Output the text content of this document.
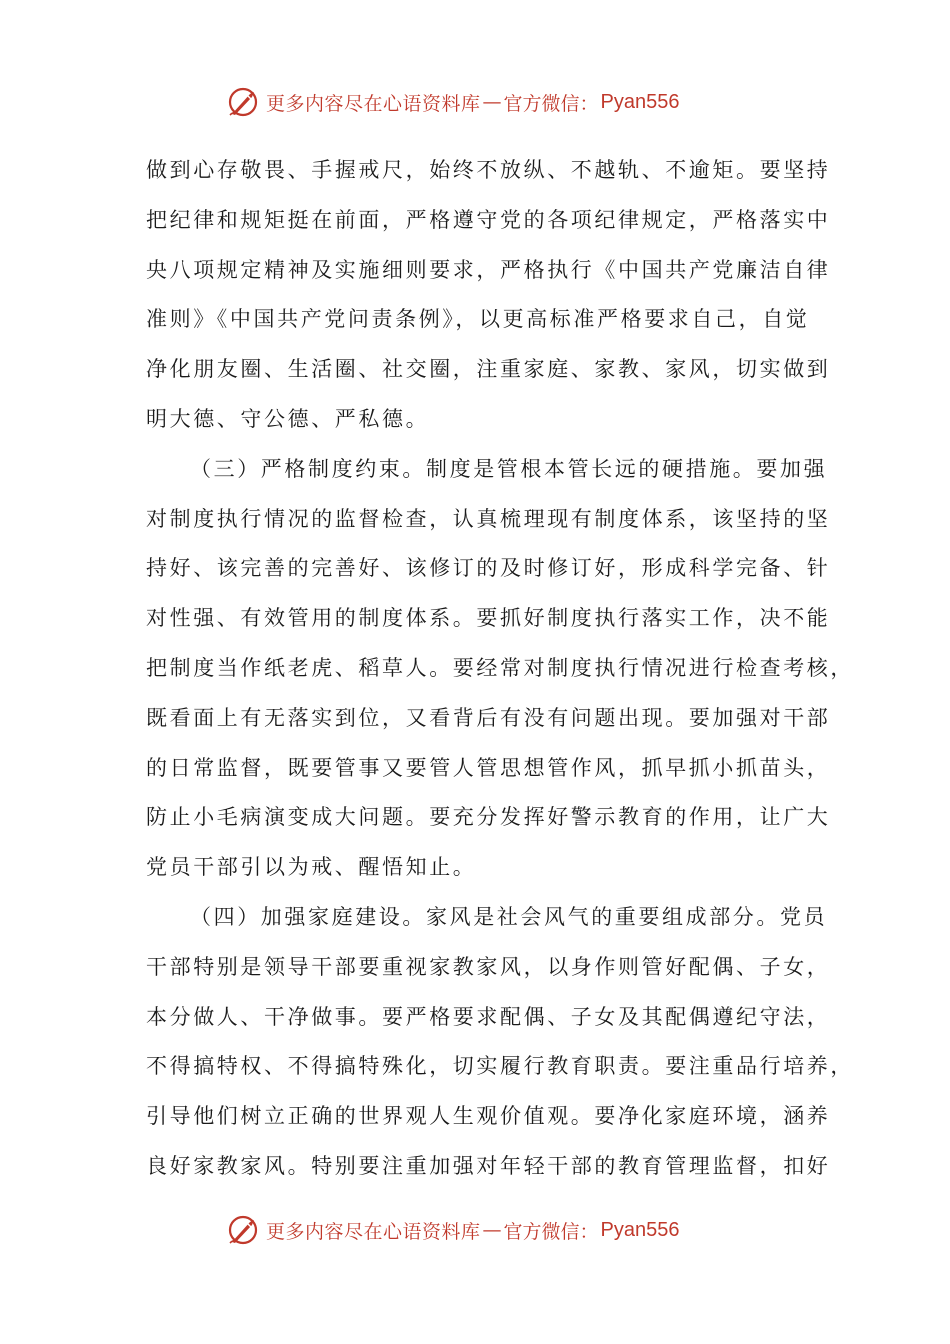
更多内容尽在心语资料库 — 官方微信： Pyan556
做到心存敬畏、手握戒尺，始终不放纵、不越轨、不逾矩。要坚持
把纪律和规矩挺在前面，严格遵守党的各项纪律规定，严格落实中
央八项规定精神及实施细则要求，严格执行《中国共产党廉洁自律
准则》《中国共产党问责条例》，以更高标准严格要求自己，自觉
净化朋友圈、生活圈、社交圈，注重家庭、家教、家风，切实做到
明大德、守公德、严私德。
（三）严格制度约束。制度是管根本管长远的硬措施。要加强
对制度执行情况的监督检查，认真梳理现有制度体系，该坚持的坚
持好、该完善的完善好、该修订的及时修订好，形成科学完备、针
对性强、有效管用的制度体系。要抓好制度执行落实工作，决不能
把制度当作纸老虎、稻草人。要经常对制度执行情况进行检查考核，
既看面上有无落实到位，又看背后有没有问题出现。要加强对干部
的日常监督，既要管事又要管人管思想管作风，抓早抓小抓苗头，
防止小毛病演变成大问题。要充分发挥好警示教育的作用，让广大
党员干部引以为戒、醒悟知止。
（四）加强家庭建设。家风是社会风气的重要组成部分。党员
干部特别是领导干部要重视家教家风，以身作则管好配偶、子女，
本分做人、干净做事。要严格要求配偶、子女及其配偶遵纪守法，
不得搞特权、不得搞特殊化，切实履行教育职责。要注重品行培养，
引导他们树立正确的世界观人生观价值观。要净化家庭环境，涵养
良好家教家风。特别要注重加强对年轻干部的教育管理监督，扣好
更多内容尽在心语资料库 — 官方微信： Pyan556
